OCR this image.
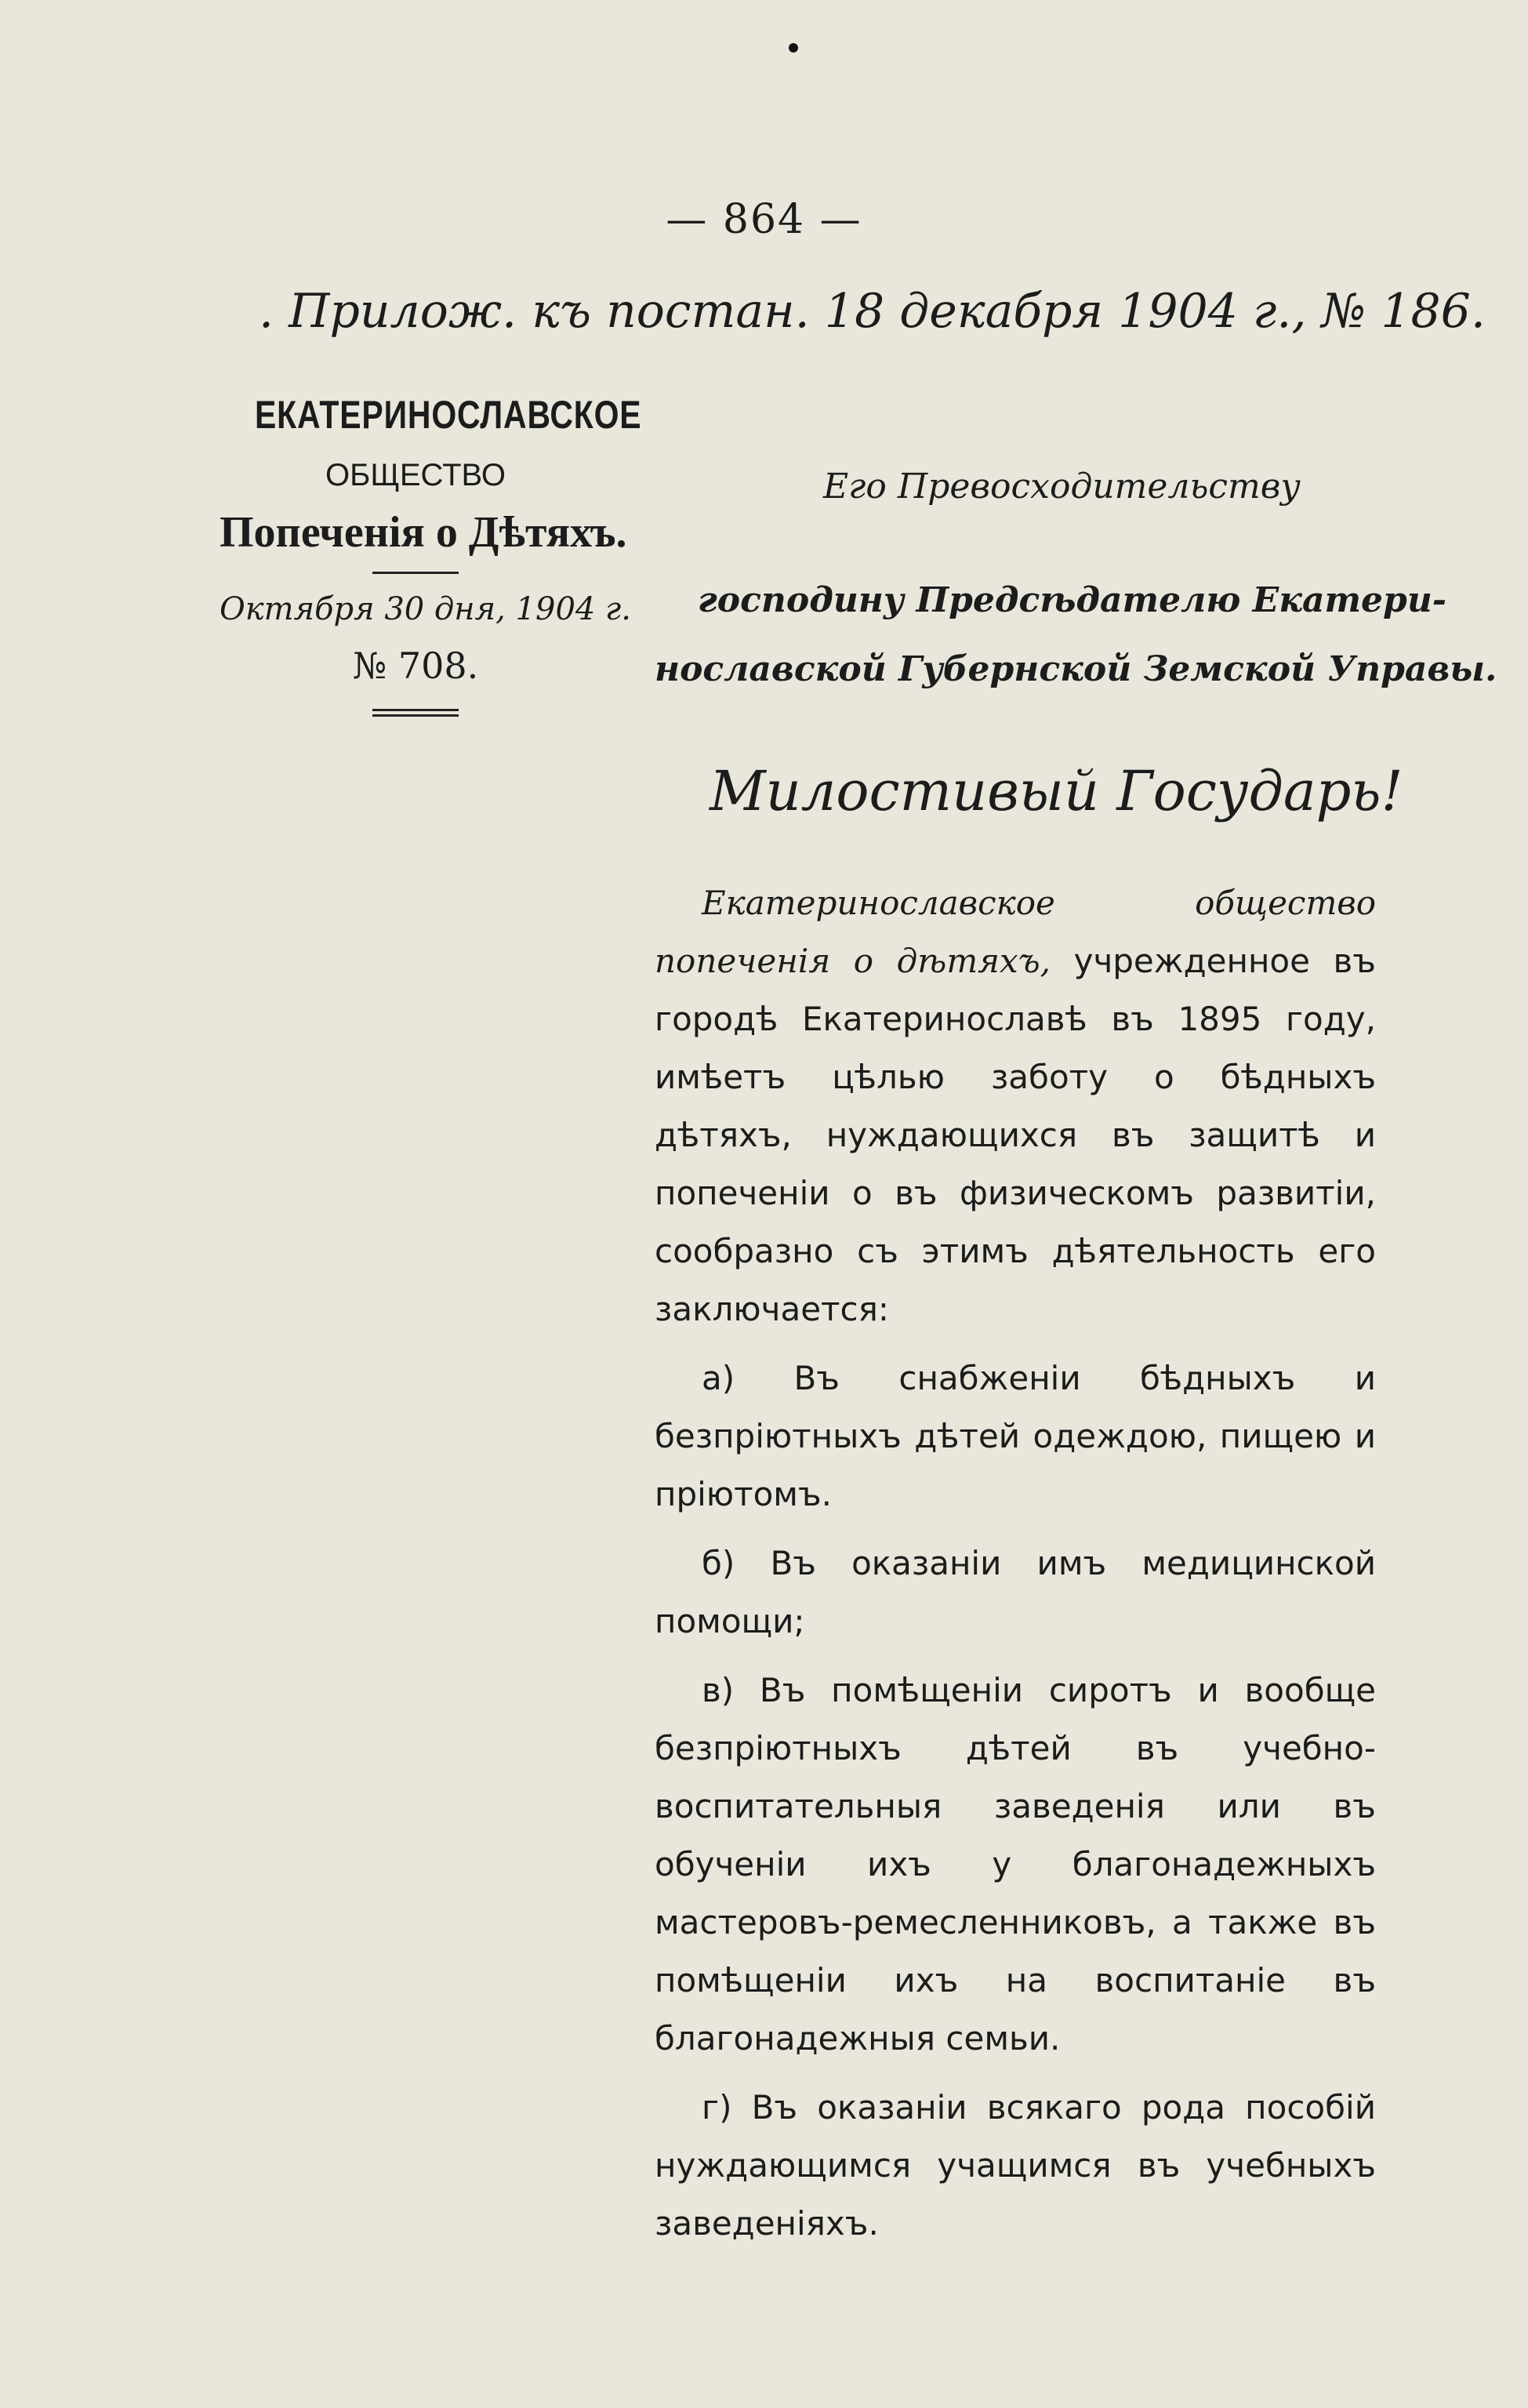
— 864 —
. Прилож. къ постан. 18 декабря 1904 г., № 186.
ЕКАТЕРИНОСЛАВСКОЕ
ОБЩЕСТВО
Попеченія о Дѣтяхъ.
Октября 30 дня, 1904 г.
№ 708.
Его Превосходительству
господину Предсѣдателю Екатери-
нославской Губернской Земской Управы.
Милостивый Государь!

Екатеринославское общество попеченія о дѣтяхъ, учрежденное въ городѣ Екатеринославѣ въ 1895 году, имѣетъ цѣлью заботу о бѣдныхъ дѣтяхъ, нуждающихся въ защитѣ и попеченіи о въ физическомъ развитіи, сообразно съ этимъ дѣятельность его заключается:

а) Въ снабженіи бѣдныхъ и безпріютныхъ дѣтей одеждою, пищею и пріютомъ.

б) Въ оказаніи имъ медицинской помощи;

в) Въ помѣщеніи сиротъ и вообще безпріютныхъ дѣтей въ учебно-воспитательныя заведенія или въ обученіи ихъ у благонадежныхъ мастеровъ-ремесленниковъ, а также въ помѣщеніи ихъ на воспитаніе въ благонадежныя семьи.

г) Въ оказаніи всякаго рода пособій нуждающимся учащимся въ учебныхъ заведеніяхъ.
